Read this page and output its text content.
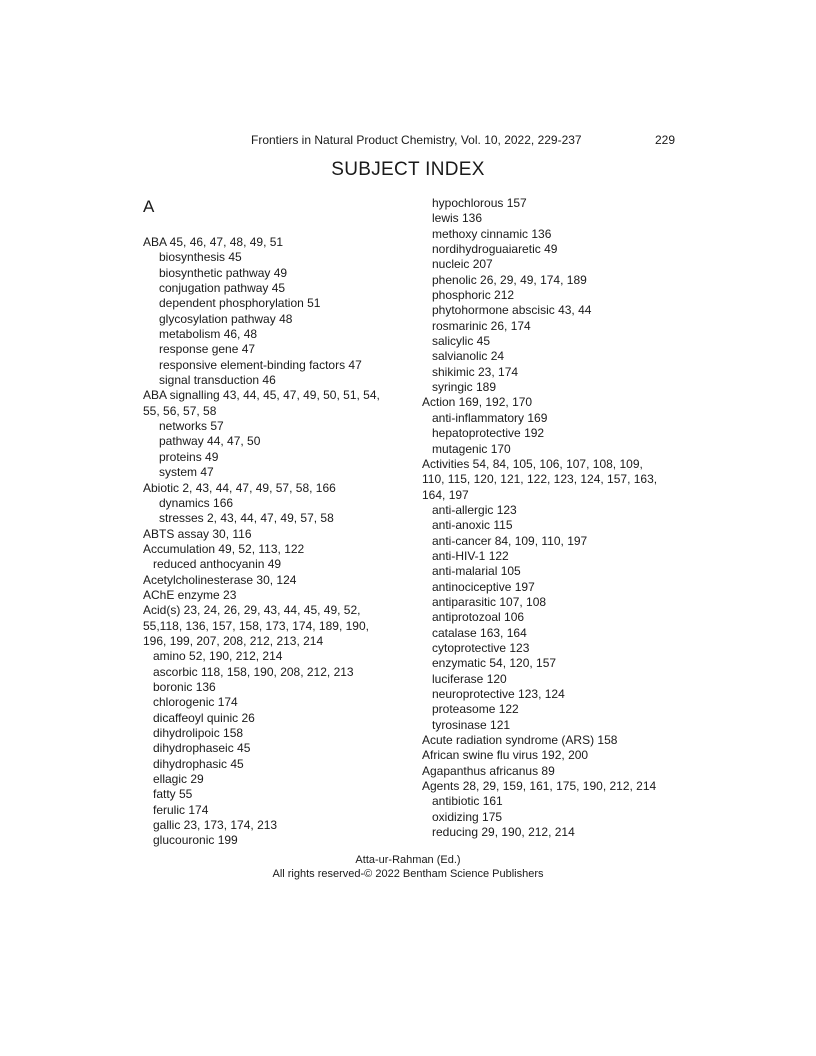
Frontiers in Natural Product Chemistry, Vol. 10, 2022, 229-237	229
SUBJECT INDEX
A
ABA 45, 46, 47, 48, 49, 51
biosynthesis 45
biosynthetic pathway 49
conjugation pathway 45
dependent phosphorylation 51
glycosylation pathway 48
metabolism 46, 48
response gene 47
responsive element-binding factors 47
signal transduction 46
ABA signalling 43, 44, 45, 47, 49, 50, 51, 54, 55, 56, 57, 58
networks 57
pathway 44, 47, 50
proteins 49
system 47
Abiotic 2, 43, 44, 47, 49, 57, 58, 166
dynamics 166
stresses 2, 43, 44, 47, 49, 57, 58
ABTS assay 30, 116
Accumulation 49, 52, 113, 122
reduced anthocyanin 49
Acetylcholinesterase 30, 124
AChE enzyme 23
Acid(s) 23, 24, 26, 29, 43, 44, 45, 49, 52, 55,118, 136, 157, 158, 173, 174, 189, 190, 196, 199, 207, 208, 212, 213, 214
amino 52, 190, 212, 214
ascorbic 118, 158, 190, 208, 212, 213
boronic 136
chlorogenic 174
dicaffeoyl quinic 26
dihydrolipoic 158
dihydrophaseic 45
dihydrophasic 45
ellagic 29
fatty 55
ferulic 174
gallic 23, 173, 174, 213
glucouronic 199
hypochlorous 157
lewis 136
methoxy cinnamic 136
nordihydroguaiaretic 49
nucleic 207
phenolic 26, 29, 49, 174, 189
phosphoric 212
phytohormone abscisic 43, 44
rosmarinic 26, 174
salicylic 45
salvianolic 24
shikimic 23, 174
syringic 189
Action 169, 192, 170
anti-inflammatory 169
hepatoprotective 192
mutagenic 170
Activities 54, 84, 105, 106, 107, 108, 109, 110, 115, 120, 121, 122, 123, 124, 157, 163, 164, 197
anti-allergic 123
anti-anoxic 115
anti-cancer 84, 109, 110, 197
anti-HIV-1 122
anti-malarial 105
antinociceptive 197
antiparasitic 107, 108
antiprotozoal 106
catalase 163, 164
cytoprotective 123
enzymatic 54, 120, 157
luciferase 120
neuroprotective 123, 124
proteasome 122
tyrosinase 121
Acute radiation syndrome (ARS) 158
African swine flu virus 192, 200
Agapanthus africanus 89
Agents 28, 29, 159, 161, 175, 190, 212, 214
antibiotic 161
oxidizing 175
reducing 29, 190, 212, 214
Atta-ur-Rahman (Ed.)
All rights reserved-© 2022 Bentham Science Publishers
